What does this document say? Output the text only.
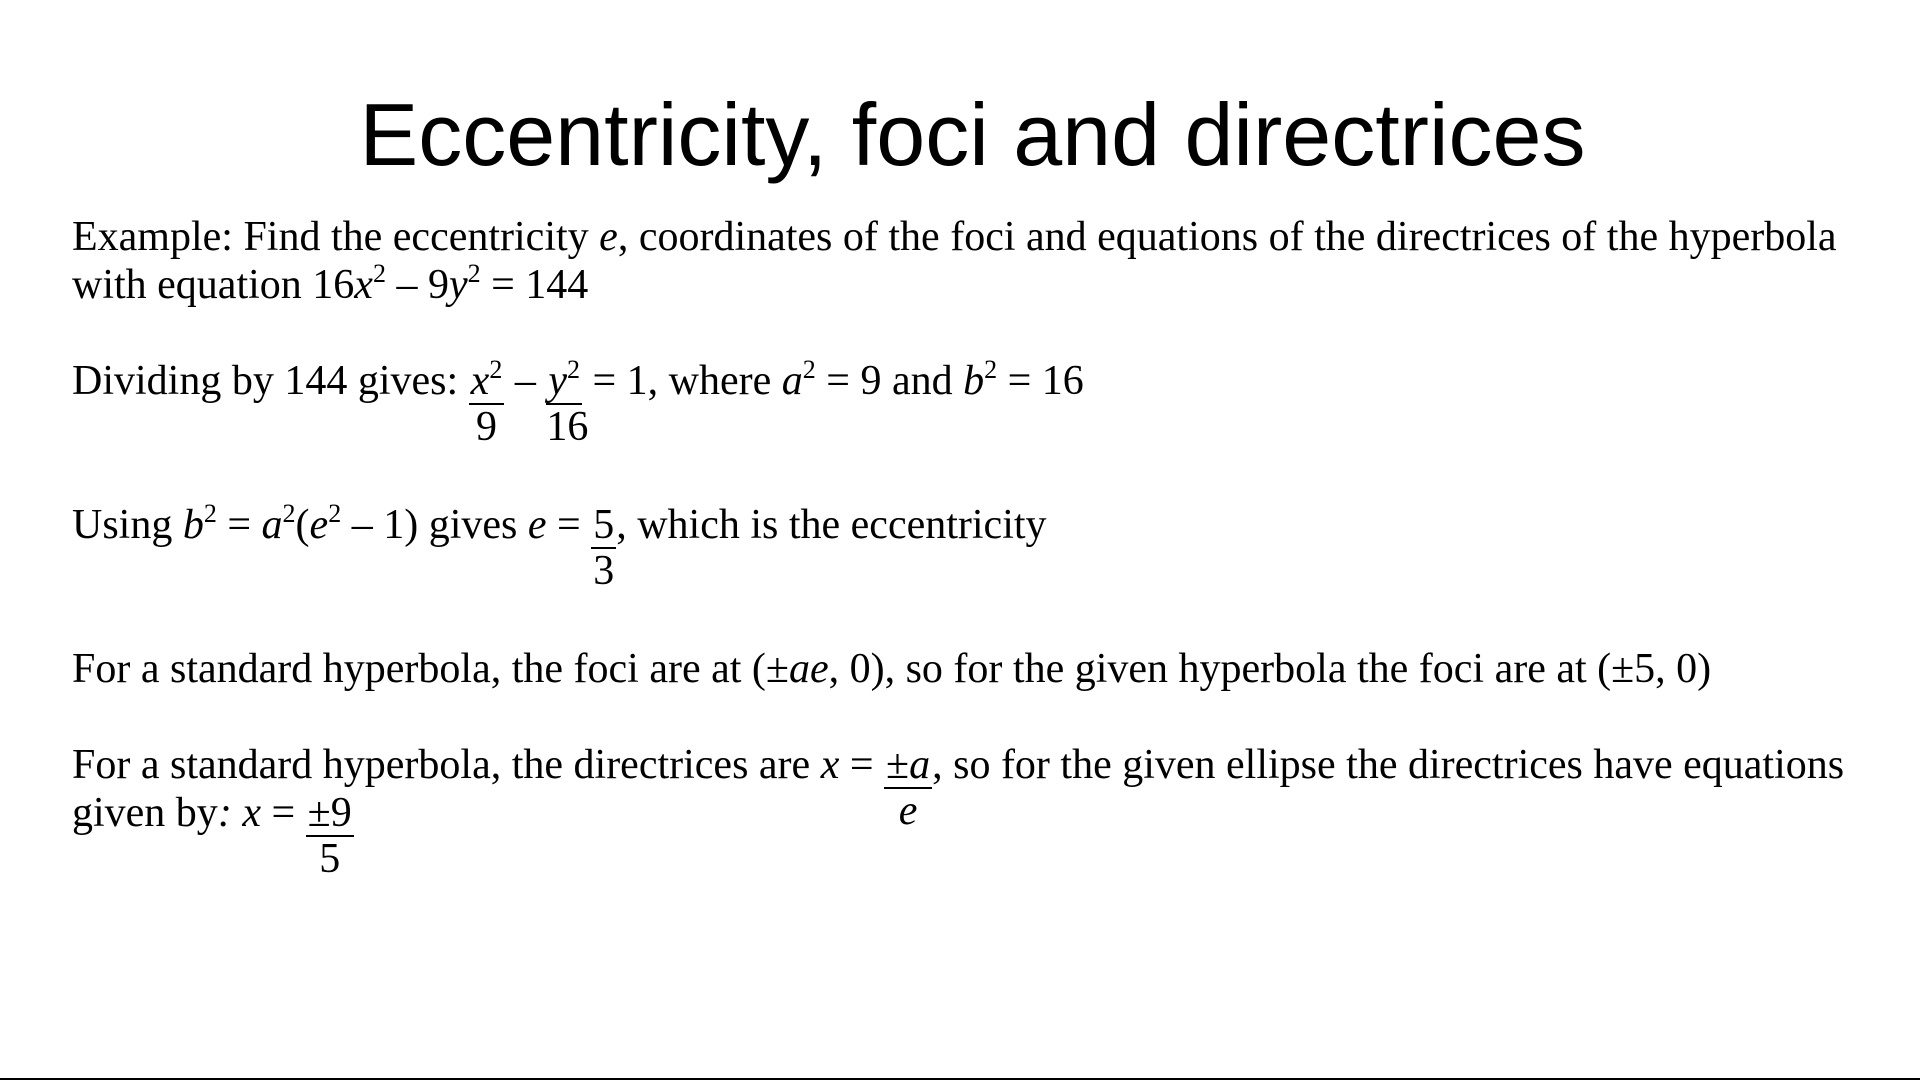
Eccentricity, foci and directrices
Example: Find the eccentricity e, coordinates of the foci and equations of the directrices of the hyperbola
with equation $16x^2 - 9y^2 = 144$
Dividing by 144 gives: $\frac{x^2}{9} - \frac{y^2}{16} = 1$, where $a^2 = 9$ and $b^2 = 16$
Using $b^2 = a^2(e^2 - 1)$ gives $e = \frac{5}{3}$ , which is the eccentricity
For a standard hyperbola, the foci are at (±ae, 0), so for the given hyperbola the foci are at (±5, 0)
For a standard hyperbola, the directrices are $x = \frac{\pm a}{e}$ , so for the given ellipse the directrices have equations
given by: $x = \frac{\pm 9}{5}$
